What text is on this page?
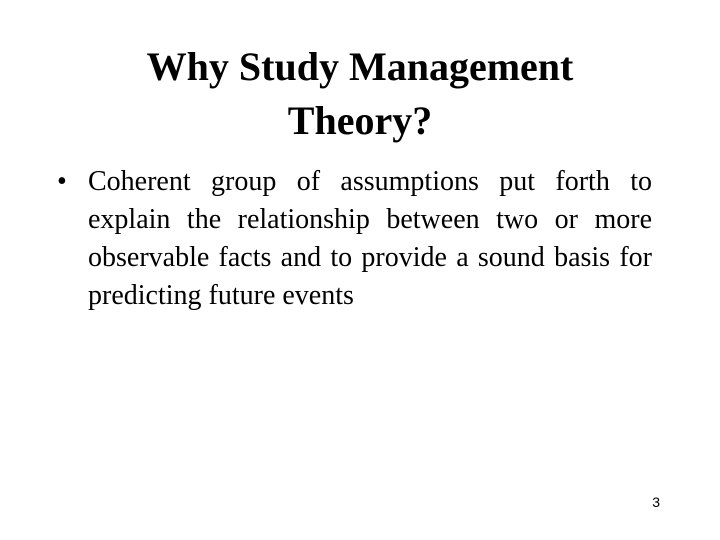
Why Study Management
Theory?
• Coherent group of assumptions put forth to explain the relationship between two or more observable facts and to provide a sound basis for predicting future events
3
